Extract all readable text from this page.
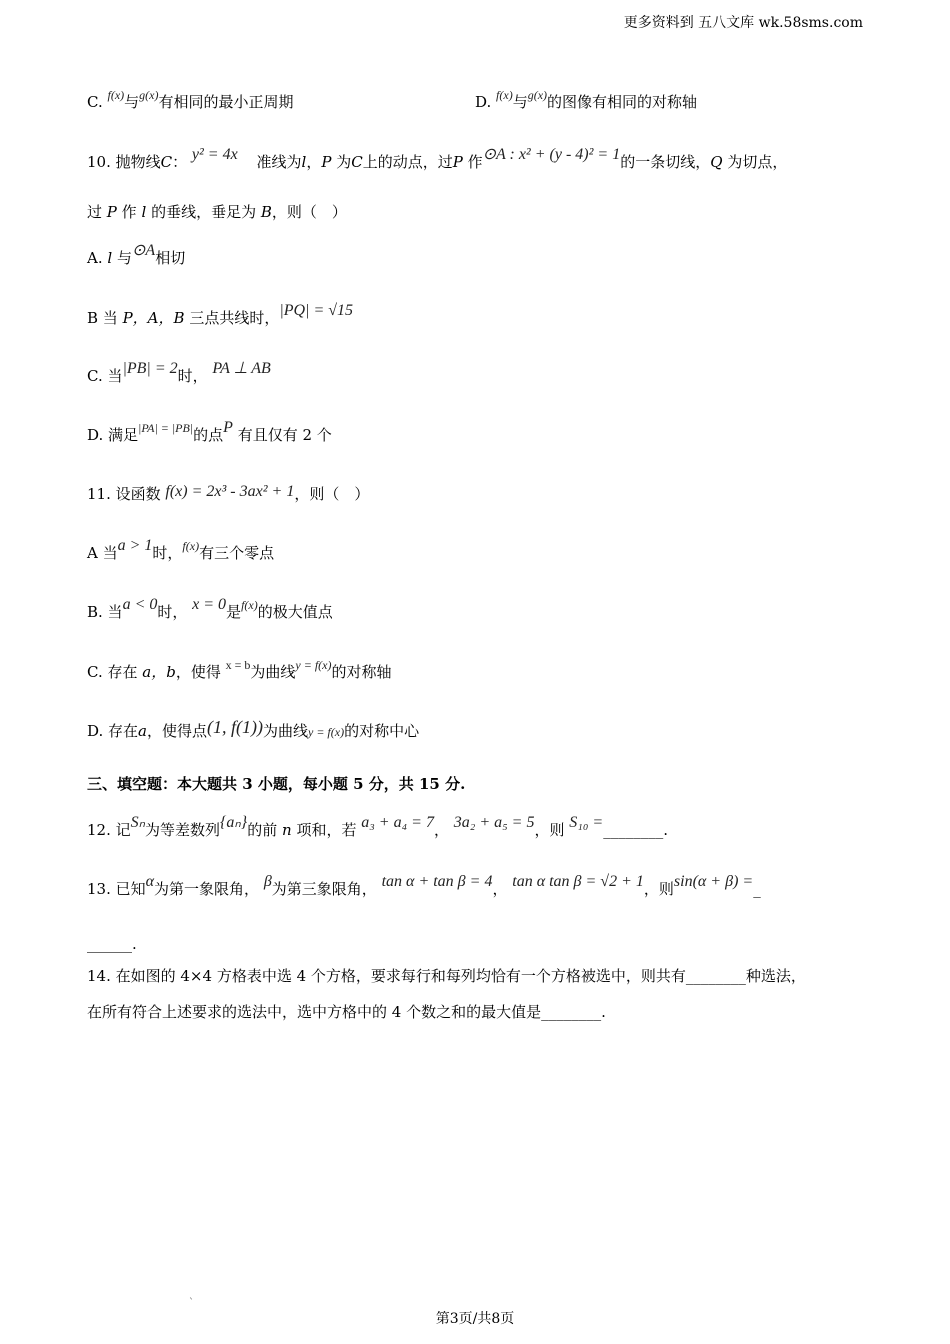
更多资料到 五八文库 wk.58sms.com
C. $^{f(x)}$与$^{g(x)}$有相同的最小正周期	D. $^{f(x)}$与$^{g(x)}$的图像有相同的对称轴
10. 抛物线C： y² = 4x 准线为l，P 为C上的动点，过P 作⊙A : x² + (y - 4)² = 1的一条切线，Q 为切点，
过 P 作 l 的垂线，垂足为 B，则（　）
A. l 与⊙A相切
B 当 P，A，B 三点共线时，|PQ| = √15
C. 当|PB| = 2时， PA ⊥ AB
D. 满足$^{|PA| = |PB|}$的点P 有且仅有 2 个
11. 设函数 f(x) = 2x³ - 3ax² + 1，则（　）
A 当a > 1时，$^{f(x)}$有三个零点
B. 当a < 0时， x = 0是$^{f(x)}$的极大值点
C. 存在 a，b，使得 $^{x = b}$为曲线$^{y = f(x)}$的对称轴
D. 存在a，使得点(1, f(1))为曲线y = f(x)的对称中心
三、填空题：本大题共 3 小题，每小题 5 分，共 15 分.
12. 记Sₙ为等差数列{aₙ}的前 n 项和，若 a₃ + a₄ = 7， 3a₂ + a₅ = 5，则 S₁₀ =________.
13. 已知α为第一象限角， β为第三象限角， tan α + tan β = 4， tan α tan β = √2 + 1，则sin(α + β) =_
______.
14. 在如图的 4×4 方格表中选 4 个方格，要求每行和每列均恰有一个方格被选中，则共有________种选法，
在所有符合上述要求的选法中，选中方格中的 4 个数之和的最大值是________.
ˋ
第3页/共8页
